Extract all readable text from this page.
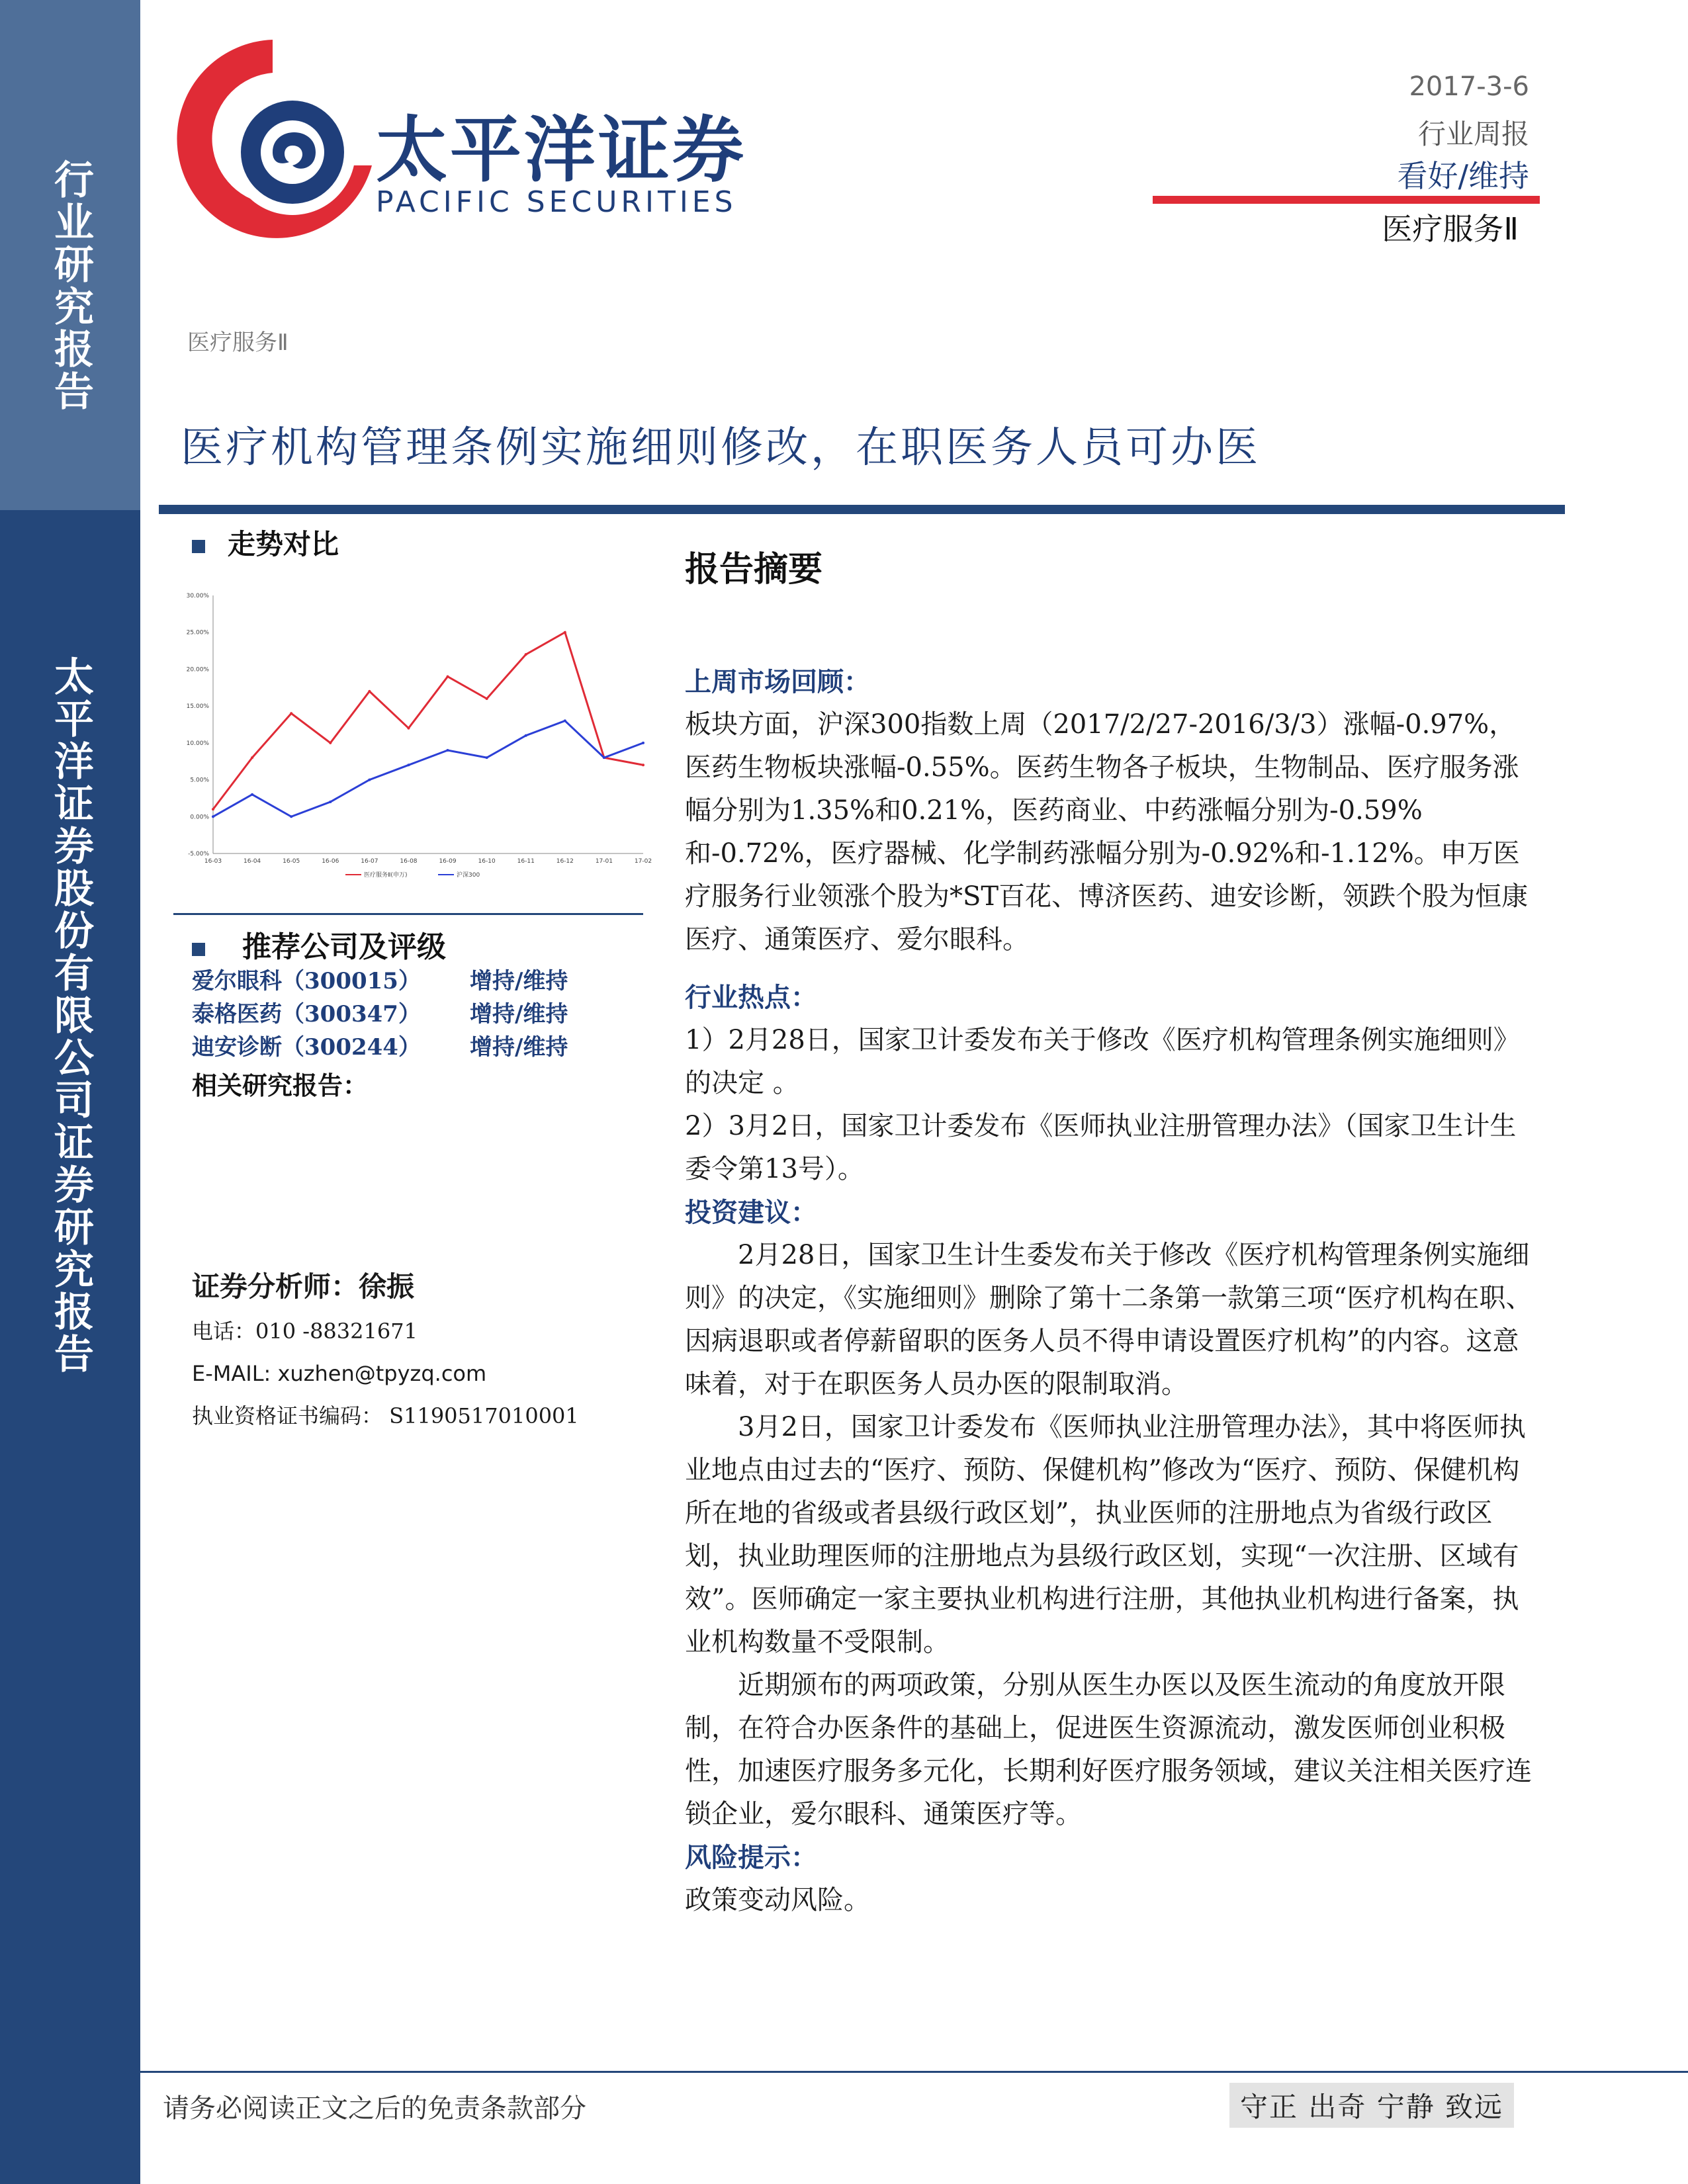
行业研究报告
太平洋证券股份有限公司证券研究报告
太平洋证券
PACIFIC SECURITIES
2017-3-6
行业周报
看好/维持
医疗服务Ⅱ
医疗服务Ⅱ
医疗机构管理条例实施细则修改，在职医务人员可办医
走势对比
30.00%
25.00%
20.00%
15.00%
10.00%
5.00%
0.00%
-5.00%
16-03	16-04	16-05	16-06	16-07	16-08	16-09	16-10	16-11	16-12	17-01	17-02
医疗服务Ⅱ(申万)	沪深300
推荐公司及评级
爱尔眼科（300015）	增持/维持
泰格医药（300347）	增持/维持
迪安诊断（300244）	增持/维持
相关研究报告：
证券分析师：徐振
电话：010 -88321671
E-MAIL: xuzhen@tpyzq.com
执业资格证书编码： S1190517010001
报告摘要
上周市场回顾：

板块方面，沪深300指数上周（2017/2/27-2016/3/3）涨幅-0.97%，医药生物板块涨幅-0.55%。医药生物各子板块，生物制品、医疗服务涨幅分别为1.35%和0.21%，医药商业、中药涨幅分别为-0.59%和-0.72%，医疗器械、化学制药涨幅分别为-0.92%和-1.12%。申万医疗服务行业领涨个股为*ST百花、博济医药、迪安诊断，领跌个股为恒康医疗、通策医疗、爱尔眼科。

行业热点：

1）2月28日，国家卫计委发布关于修改《医疗机构管理条例实施细则》的决定 。

2）3月2日，国家卫计委发布《医师执业注册管理办法》（国家卫生计生委令第13号）。

投资建议：

2月28日，国家卫生计生委发布关于修改《医疗机构管理条例实施细则》的决定，《实施细则》删除了第十二条第一款第三项“医疗机构在职、因病退职或者停薪留职的医务人员不得申请设置医疗机构”的内容。这意味着，对于在职医务人员办医的限制取消。

3月2日，国家卫计委发布《医师执业注册管理办法》，其中将医师执业地点由过去的“医疗、预防、保健机构”修改为“医疗、预防、保健机构所在地的省级或者县级行政区划”，执业医师的注册地点为省级行政区划，执业助理医师的注册地点为县级行政区划，实现“一次注册、区域有效”。医师确定一家主要执业机构进行注册，其他执业机构进行备案，执业机构数量不受限制。

近期颁布的两项政策，分别从医生办医以及医生流动的角度放开限制，在符合办医条件的基础上，促进医生资源流动，激发医师创业积极性，加速医疗服务多元化，长期利好医疗服务领域，建议关注相关医疗连锁企业，爱尔眼科、通策医疗等。

风险提示：

政策变动风险。

请务必阅读正文之后的免责条款部分	守正 出奇 宁静 致远
